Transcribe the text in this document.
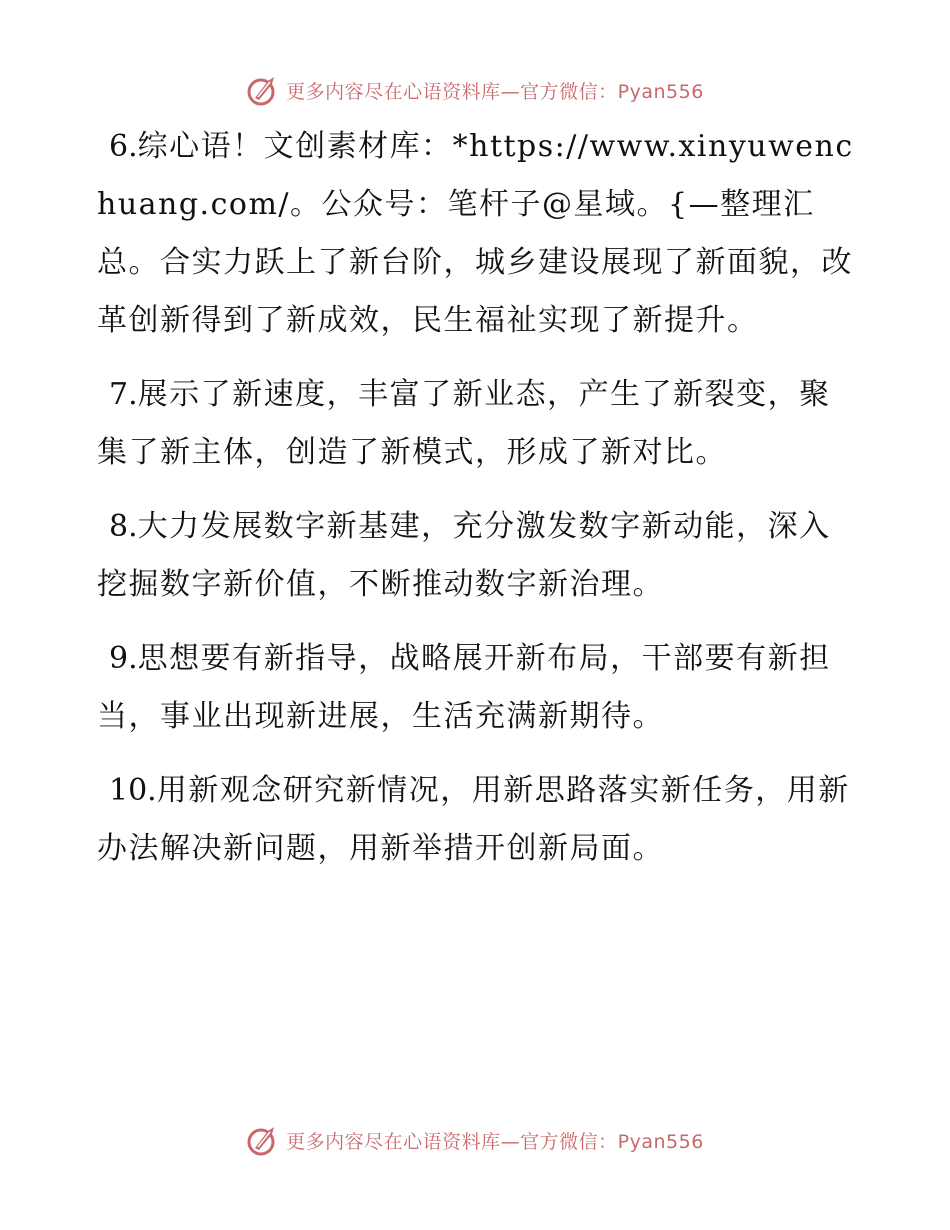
更多内容尽在心语资料库—官方微信：Pyan556

6.综心语！文创素材库：*https://www.xinyuwenchuang.com/。公众号：笔杆子@星域。{—整理汇总。合实力跃上了新台阶，城乡建设展现了新面貌，改革创新得到了新成效，民生福祉实现了新提升。

7.展示了新速度，丰富了新业态，产生了新裂变，聚集了新主体，创造了新模式，形成了新对比。

8.大力发展数字新基建，充分激发数字新动能，深入挖掘数字新价值，不断推动数字新治理。

9.思想要有新指导，战略展开新布局，干部要有新担当，事业出现新进展，生活充满新期待。

10.用新观念研究新情况，用新思路落实新任务，用新办法解决新问题，用新举措开创新局面。

更多内容尽在心语资料库—官方微信：Pyan556
